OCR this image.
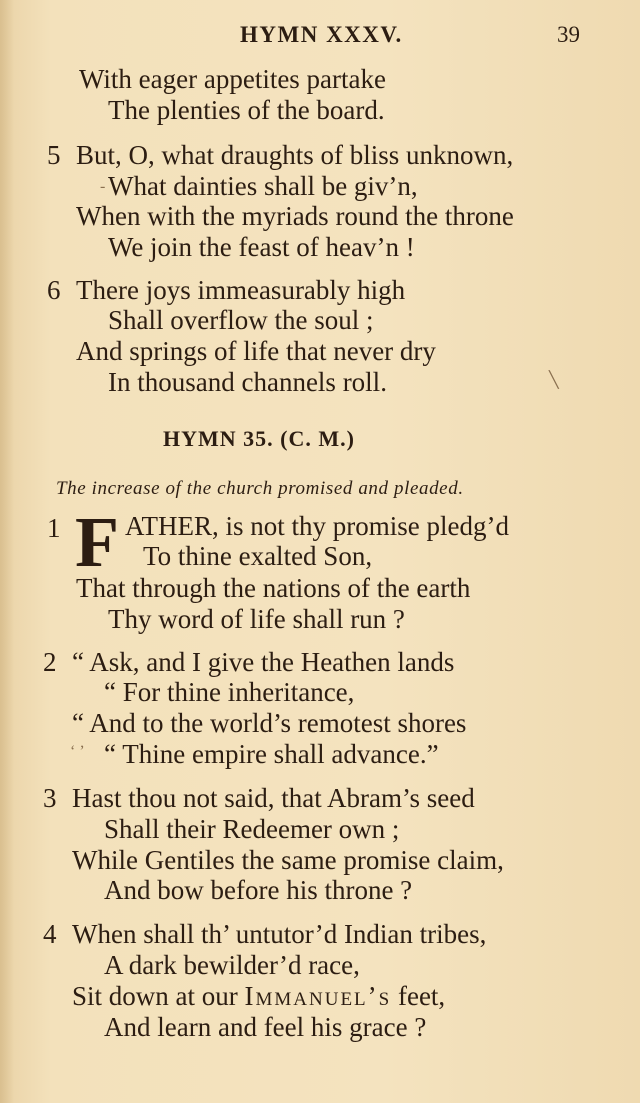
HYMN XXXV.	39
With eager appetites partake
The plenties of the board.
5 But, O, what draughts of bliss unknown,
What dainties shall be giv’n,
When with the myriads round the throne
We join the feast of heav’n !
6 There joys immeasurably high
Shall overflow the soul ;
And springs of life that never dry
In thousand channels roll.
HYMN 35. (C. M.)
The increase of the church promised and pleaded.
1 F ATHER, is not thy promise pledg’d
To thine exalted Son,
That through the nations of the earth
Thy word of life shall run ?
2 “ Ask, and I give the Heathen lands
“ For thine inheritance,
“ And to the world’s remotest shores
“ Thine empire shall advance.”
3 Hast thou not said, that Abram’s seed
Shall their Redeemer own ;
While Gentiles the same promise claim,
And bow before his throne ?
4 When shall th’ untutor’d Indian tribes,
A dark bewilder’d race,
Sit down at our Immanuel’s feet,
And learn and feel his grace ?
╲
‘ ’
-
